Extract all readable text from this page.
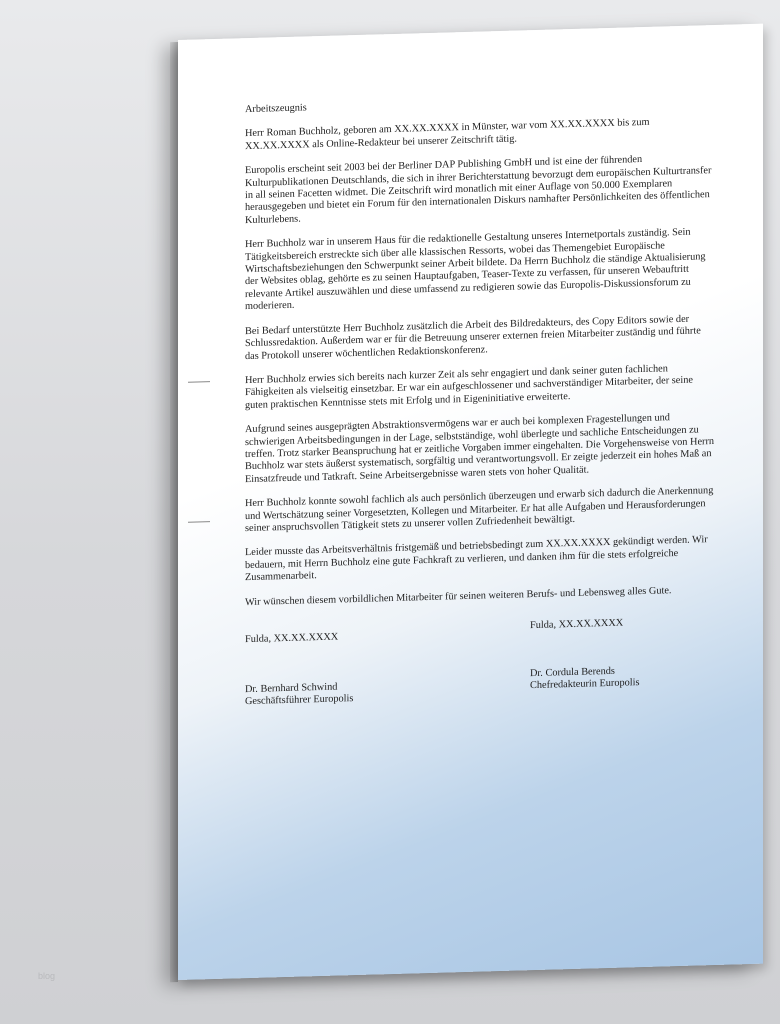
Arbeitszeugnis

Herr Roman Buchholz, geboren am XX.XX.XXXX in Münster, war vom XX.XX.XXXX bis zum XX.XX.XXXX als Online-Redakteur bei unserer Zeitschrift tätig.

Europolis erscheint seit 2003 bei der Berliner DAP Publishing GmbH und ist eine der führenden Kulturpublikationen Deutschlands, die sich in ihrer Berichterstattung bevorzugt dem europäischen Kulturtransfer in all seinen Facetten widmet. Die Zeitschrift wird monatlich mit einer Auflage von 50.000 Exemplaren herausgegeben und bietet ein Forum für den internationalen Diskurs namhafter Persönlichkeiten des öffentlichen Kulturlebens.

Herr Buchholz war in unserem Haus für die redaktionelle Gestaltung unseres Internetportals zuständig. Sein Tätigkeitsbereich erstreckte sich über alle klassischen Ressorts, wobei das Themengebiet Europäische Wirtschaftsbeziehungen den Schwerpunkt seiner Arbeit bildete. Da Herrn Buchholz die ständige Aktualisierung der Websites oblag, gehörte es zu seinen Hauptaufgaben, Teaser-Texte zu verfassen, für unseren Webauftritt relevante Artikel auszuwählen und diese umfassend zu redigieren sowie das Europolis-Diskussionsforum zu moderieren.

Bei Bedarf unterstützte Herr Buchholz zusätzlich die Arbeit des Bildredakteurs, des Copy Editors sowie der Schlussredaktion. Außerdem war er für die Betreuung unserer externen freien Mitarbeiter zuständig und führte das Protokoll unserer wöchentlichen Redaktionskonferenz.

Herr Buchholz erwies sich bereits nach kurzer Zeit als sehr engagiert und dank seiner guten fachlichen Fähigkeiten als vielseitig einsetzbar. Er war ein aufgeschlossener und sachverständiger Mitarbeiter, der seine guten praktischen Kenntnisse stets mit Erfolg und in Eigeninitiative erweiterte.

Aufgrund seines ausgeprägten Abstraktionsvermögens war er auch bei komplexen Fragestellungen und schwierigen Arbeitsbedingungen in der Lage, selbstständige, wohl überlegte und sachliche Entscheidungen zu treffen. Trotz starker Beanspruchung hat er zeitliche Vorgaben immer eingehalten. Die Vorgehensweise von Herrn Buchholz war stets äußerst systematisch, sorgfältig und verantwortungsvoll. Er zeigte jederzeit ein hohes Maß an Einsatzfreude und Tatkraft. Seine Arbeitsergebnisse waren stets von hoher Qualität.

Herr Buchholz konnte sowohl fachlich als auch persönlich überzeugen und erwarb sich dadurch die Anerkennung und Wertschätzung seiner Vorgesetzten, Kollegen und Mitarbeiter. Er hat alle Aufgaben und Herausforderungen seiner anspruchsvollen Tätigkeit stets zu unserer vollen Zufriedenheit bewältigt.

Leider musste das Arbeitsverhältnis fristgemäß und betriebsbedingt zum XX.XX.XXXX gekündigt werden. Wir bedauern, mit Herrn Buchholz eine gute Fachkraft zu verlieren, und danken ihm für die stets erfolgreiche Zusammenarbeit.

Wir wünschen diesem vorbildlichen Mitarbeiter für seinen weiteren Berufs- und Lebensweg alles Gute.

Fulda, XX.XX.XXXX
Fulda, XX.XX.XXXX
Dr. Bernhard Schwind
Geschäftsführer Europolis
Dr. Cordula Berends
Chefredakteurin Europolis
blog
